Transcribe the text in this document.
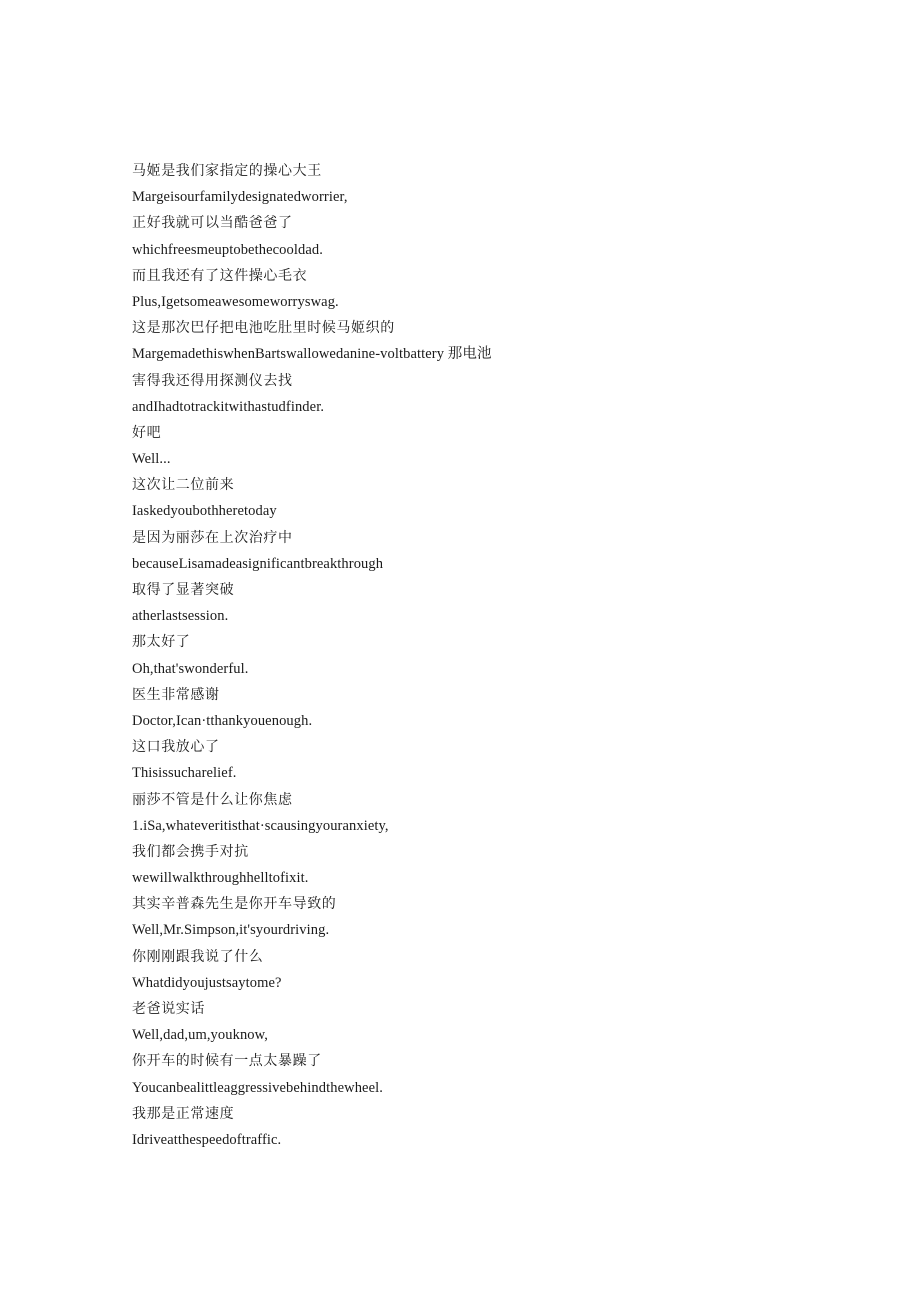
马姬是我们家指定的操心大王
Margeisourfamilydesignatedworrier,
正好我就可以当酷爸爸了
whichfreesmeuptobethecooldad.
而且我还有了这件操心毛衣
Plus,Igetsomeawesomeworryswag.
这是那次巴仔把电池吃肚里时候马姬织的
MargemadethiswhenBartswallowedanine-voltbattery 那电池
害得我还得用探测仪去找
andIhadtotrackitwithastudfinder.
好吧
Well...
这次让二位前来
Iaskedyoubothheretoday
是因为丽莎在上次治疗中
becauseLisamadeasignificantbreakthrough
取得了显著突破
atherlastsession.
那太好了
Oh,that'swonderful.
医生非常感谢
Doctor,Ican·tthankyouenough.
这口我放心了
Thisissucharelief.
丽莎不管是什么让你焦虑
1.iSa,whateveritisthat·scausingyouranxiety,
我们都会携手对抗
wewillwalkthroughhelltofixit.
其实辛普森先生是你开车导致的
Well,Mr.Simpson,it'syourdriving.
你刚刚跟我说了什么
Whatdidyoujustsaytome?
老爸说实话
Well,dad,um,youknow,
你开车的时候有一点太暴躁了
Youcanbealittleaggressivebehindthewheel.
我那是正常速度
Idriveatthespeedoftraffic.
